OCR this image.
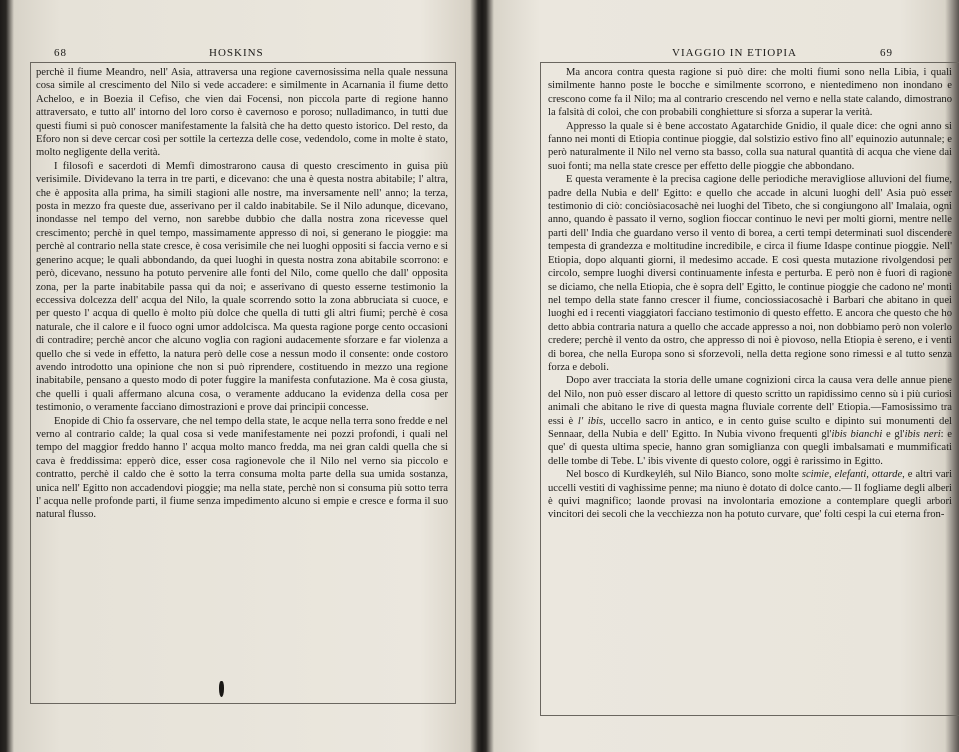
68	HOSKINS

perchè il fiume Meandro, nell' Asia, attraversa una regione cavernosissima nella quale nessuna cosa simile al crescimento del Nilo si vede accadere: e similmente in Acarnania il fiume detto Acheloo, e in Boezia il Cefiso, che vien dai Focensi, non piccola parte di regione hanno attraversato, e tutto all' intorno del loro corso è cavernoso e poroso; nulladimanco, in tutti due questi fiumi si può conoscer manifestamente la falsità che ha detto questo istorico. Del resto, da Eforo non si deve cercar così per sottile la certezza delle cose, vedendolo, come in molte è stato, molto negligente della verità.

I filosofi e sacerdoti di Memfi dimostrarono causa di questo crescimento in guisa più verisimile. Dividevano la terra in tre parti, e dicevano: che una è questa nostra abitabile; l' altra, che è apposita alla prima, ha simili stagioni alle nostre, ma inversamente nell' anno; la terza, posta in mezzo fra queste due, asserivano per il caldo inabitabile. Se il Nilo adunque, dicevano, inondasse nel tempo del verno, non sarebbe dubbio che dalla nostra zona ricevesse quel crescimento; perchè in quel tempo, massimamente appresso di noi, si generano le pioggie: ma perchè al contrario nella state cresce, è cosa verisimile che nei luoghi oppositi si faccia verno e si generino acque; le quali abbondando, da quei luoghi in questa nostra zona abitabile scorrono: e però, dicevano, nessuno ha potuto pervenire alle fonti del Nilo, come quello che dall' opposita zona, per la parte inabitabile passa qui da noi; e asserivano di questo esserne testimonio la eccessiva dolcezza dell' acqua del Nilo, la quale scorrendo sotto la zona abbruciata si cuoce, e per questo l' acqua di quello è molto più dolce che quella di tutti gli altri fiumi; perchè è cosa naturale, che il calore e il fuoco ogni umor addolcisca. Ma questa ragione porge cento occasioni di contradire; perchè ancor che alcuno voglia con ragioni audacemente sforzare e far violenza a quello che si vede in effetto, la natura però delle cose a nessun modo il consente: onde costoro avendo introdotto una opinione che non si può riprendere, costituendo in mezzo una regione inabitabile, pensano a questo modo di poter fuggire la manifesta confutazione. Ma è cosa giusta, che quelli i quali affermano alcuna cosa, o veramente adducano la evidenza della cosa per testimonio, o veramente facciano dimostrazioni e prove dai principii concesse.

Enopide di Chio fa osservare, che nel tempo della state, le acque nella terra sono fredde e nel verno al contrario calde; la qual cosa si vede manifestamente nei pozzi profondi, i quali nel tempo del maggior freddo hanno l' acqua molto manco fredda, ma nei gran caldi quella che si cava è freddissima: epperò dice, esser cosa ragionevole che il Nilo nel verno sia piccolo e contratto, perchè il caldo che è sotto la terra consuma molta parte della sua umida sostanza, unica nell' Egitto non accadendovi pioggie; ma nella state, perchè non si consuma più sotto terra l' acqua nelle profonde parti, il fiume senza impedimento alcuno si empie e cresce e forma il suo natural flusso.

VIAGGIO IN ETIOPIA	69

Ma ancora contra questa ragione si può dire: che molti fiumi sono nella Libia, i quali similmente hanno poste le bocche e similmente scorrono, e nientedimeno non inondano e crescono come fa il Nilo; ma al contrario crescendo nel verno e nella state calando, dimostrano la falsità di coloi, che con probabili conghietture si sforza a superar la verità.

Appresso la quale si è bene accostato Agatarchide Gnidio, il quale dice: che ogni anno si fanno nei monti di Etiopia continue pioggie, dal solstizio estivo fino all' equinozio autunnale; e però naturalmente il Nilo nel verno sta basso, colla sua natural quantità di acqua che viene dai suoi fonti; ma nella state cresce per effetto delle pioggie che abbondano.

E questa veramente è la precisa cagione delle periodiche meravigliose alluvioni del fiume, padre della Nubia e dell' Egitto: e quello che accade in alcuni luoghi dell' Asia può esser testimonio di ciò: conciòsiacosachè nei luoghi del Tibeto, che si congiungono all' Imalaia, ogni anno, quando è passato il verno, soglion fioccar continuo le nevi per molti giorni, mentre nelle parti dell' India che guardano verso il vento di borea, a certi tempi determinati suol discendere tempesta di grandezza e moltitudine incredibile, e circa il fiume Idaspe continue pioggie. Nell' Etiopia, dopo alquanti giorni, il medesimo accade. E così questa mutazione rivolgendosi per circolo, sempre luoghi diversi continuamente infesta e perturba. E però non è fuori di ragione se diciamo, che nella Etiopia, che è sopra dell' Egitto, le continue pioggie che cadono ne' monti nel tempo della state fanno crescer il fiume, conciossiacosachè i Barbari che abitano in quei luoghi ed i recenti viaggiatori facciano testimonio di questo effetto. E ancora che questo che ho detto abbia contraria natura a quello che accade appresso a noi, non dobbiamo però non volerlo credere; perchè il vento da ostro, che appresso di noi è piovoso, nella Etiopia è sereno, e i venti di borea, che nella Europa sono sì sforzevoli, nella detta regione sono rimessi e al tutto senza forza e deboli.

Dopo aver tracciata la storia delle umane cognizioni circa la causa vera delle annue piene del Nilo, non può esser discaro al lettore di questo scritto un rapidissimo cenno sù i più curiosi animali che abitano le rive di questa magna fluviale corrente dell' Etiopia.—Famosissimo tra essi è l' ibis, uccello sacro in antico, e in cento guise sculto e dipinto sui monumenti del Sennaar, della Nubia e dell' Egitto. In Nubia vivono frequenti gl'ibis bianchi e gl'ibis neri: e que' di questa ultima specie, hanno gran somiglianza con quegli imbalsamati e mummificati delle tombe di Tebe. L' ibis vivente di questo colore, oggi è rarissimo in Egitto.

Nel bosco di Kurdkeyléh, sul Nilo Bianco, sono molte scimie, elefanti, ottarde, e altri vari uccelli vestiti di vaghissime penne; ma niuno è dotato di dolce canto.— Il fogliame degli alberi è quivi magnifico; laonde provasi na involontaria emozione a contemplare quegli arbori vincitori dei secoli che la vecchiezza non ha potuto curvare, que' folti cespi la cui eterna fron-
